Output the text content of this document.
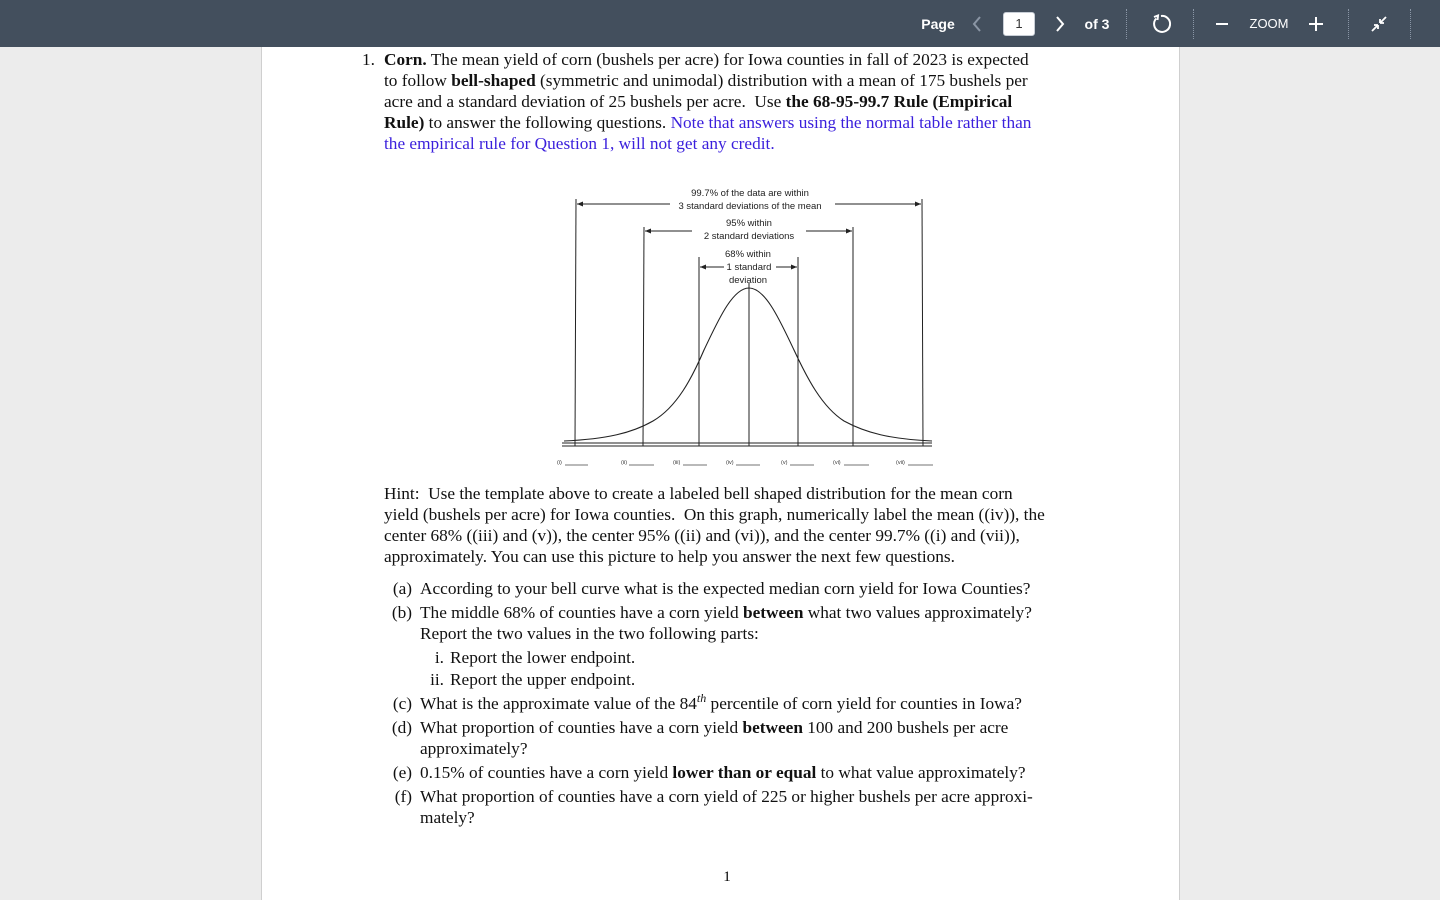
Page
1	of 3	ZOOM
1. Corn. The mean yield of corn (bushels per acre) for Iowa counties in fall of 2023 is expected
to follow bell-shaped (symmetric and unimodal) distribution with a mean of 175 bushels per
acre and a standard deviation of 25 bushels per acre.  Use the 68-95-99.7 Rule (Empirical
Rule) to answer the following questions. Note that answers using the normal table rather than
the empirical rule for Question 1, will not get any credit.
99.7% of the data are within
3 standard deviations of the mean
95% within
2 standard deviations
68% within
1 standard
deviation
(i)	(ii)	(iii)	(iv)	(v)	(vi)	(vii)
Hint:  Use the template above to create a labeled bell shaped distribution for the mean corn
yield (bushels per acre) for Iowa counties.  On this graph, numerically label the mean ((iv)), the
center 68% ((iii) and (v)), the center 95% ((ii) and (vi)), and the center 99.7% ((i) and (vii)),
approximately. You can use this picture to help you answer the next few questions.
(a) According to your bell curve what is the expected median corn yield for Iowa Counties?
(b) The middle 68% of counties have a corn yield between what two values approximately?
Report the two values in the two following parts:
i. Report the lower endpoint.
ii. Report the upper endpoint.
(c) What is the approximate value of the 84th percentile of corn yield for counties in Iowa?
(d) What proportion of counties have a corn yield between 100 and 200 bushels per acre
approximately?
(e) 0.15% of counties have a corn yield lower than or equal to what value approximately?
(f) What proportion of counties have a corn yield of 225 or higher bushels per acre approxi-
mately?
1
